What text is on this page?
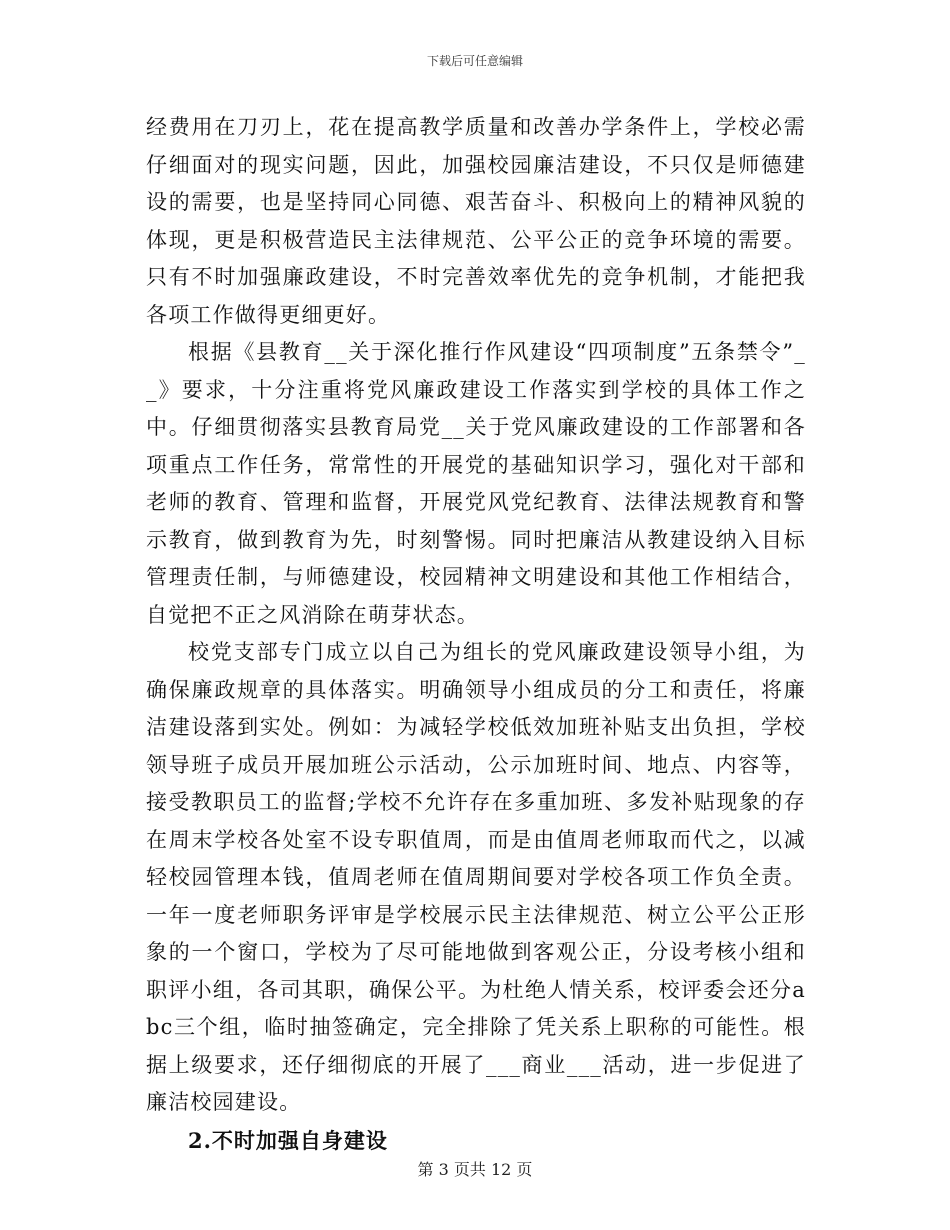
下载后可任意编辑

经费用在刀刃上，花在提高教学质量和改善办学条件上，学校必需仔细面对的现实问题，因此，加强校园廉洁建设，不只仅是师德建设的需要，也是坚持同心同德、艰苦奋斗、积极向上的精神风貌的体现，更是积极营造民主法律规范、公平公正的竞争环境的需要。只有不时加强廉政建设，不时完善效率优先的竞争机制，才能把我各项工作做得更细更好。

根据《县教育__关于深化推行作风建设“四项制度”五条禁令”__》要求，十分注重将党风廉政建设工作落实到学校的具体工作之中。仔细贯彻落实县教育局党__关于党风廉政建设的工作部署和各项重点工作任务，常常性的开展党的基础知识学习，强化对干部和老师的教育、管理和监督，开展党风党纪教育、法律法规教育和警示教育，做到教育为先，时刻警惕。同时把廉洁从教建设纳入目标管理责任制，与师德建设，校园精神文明建设和其他工作相结合，自觉把不正之风消除在萌芽状态。

校党支部专门成立以自己为组长的党风廉政建设领导小组，为确保廉政规章的具体落实。明确领导小组成员的分工和责任，将廉洁建设落到实处。例如：为减轻学校低效加班补贴支出负担，学校领导班子成员开展加班公示活动，公示加班时间、地点、内容等，接受教职员工的监督;学校不允许存在多重加班、多发补贴现象的存在周末学校各处室不设专职值周，而是由值周老师取而代之，以减轻校园管理本钱，值周老师在值周期间要对学校各项工作负全责。一年一度老师职务评审是学校展示民主法律规范、树立公平公正形象的一个窗口，学校为了尽可能地做到客观公正，分设考核小组和职评小组，各司其职，确保公平。为杜绝人情关系，校评委会还分abc三个组，临时抽签确定，完全排除了凭关系上职称的可能性。根据上级要求，还仔细彻底的开展了___商业___活动，进一步促进了廉洁校园建设。

2.不时加强自身建设

第 3 页共 12 页
